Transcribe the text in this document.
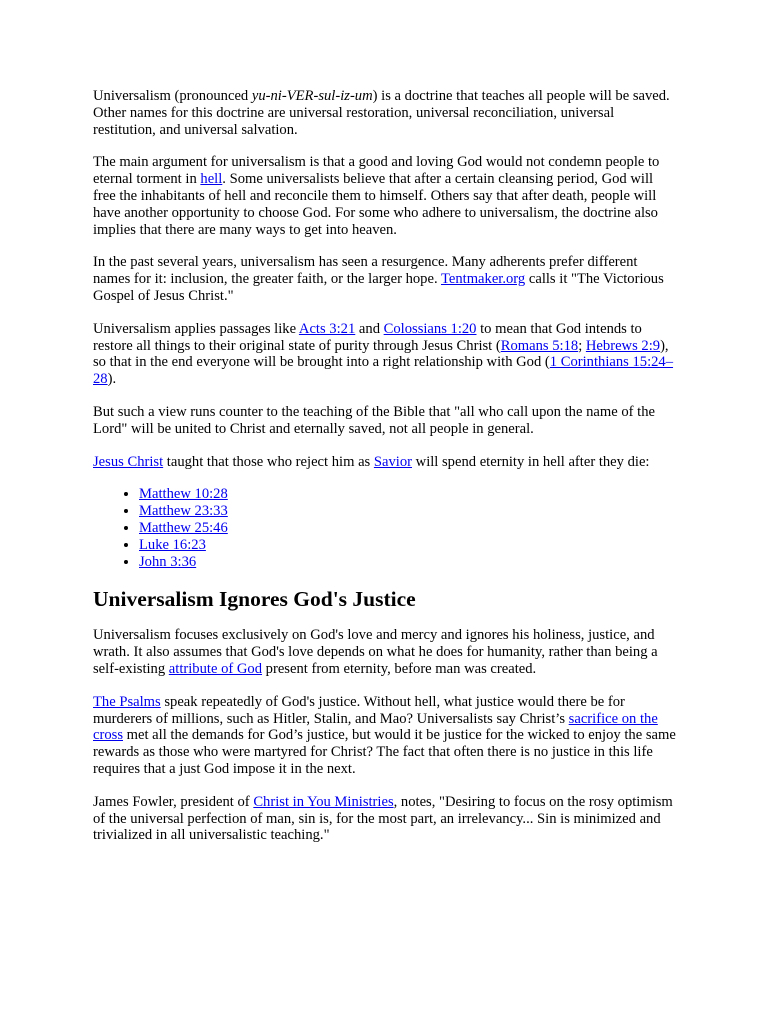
Universalism (pronounced yu-ni-VER-sul-iz-um) is a doctrine that teaches all people will be saved. Other names for this doctrine are universal restoration, universal reconciliation, universal restitution, and universal salvation.

The main argument for universalism is that a good and loving God would not condemn people to eternal torment in hell. Some universalists believe that after a certain cleansing period, God will free the inhabitants of hell and reconcile them to himself. Others say that after death, people will have another opportunity to choose God. For some who adhere to universalism, the doctrine also implies that there are many ways to get into heaven.

In the past several years, universalism has seen a resurgence. Many adherents prefer different names for it: inclusion, the greater faith, or the larger hope. Tentmaker.org calls it "The Victorious Gospel of Jesus Christ."

Universalism applies passages like Acts 3:21 and Colossians 1:20 to mean that God intends to restore all things to their original state of purity through Jesus Christ (Romans 5:18; Hebrews 2:9), so that in the end everyone will be brought into a right relationship with God (1 Corinthians 15:24–28).

But such a view runs counter to the teaching of the Bible that "all who call upon the name of the Lord" will be united to Christ and eternally saved, not all people in general.

Jesus Christ taught that those who reject him as Savior will spend eternity in hell after they die:

• Matthew 10:28
• Matthew 23:33
• Matthew 25:46
• Luke 16:23
• John 3:36
Universalism Ignores God's Justice

Universalism focuses exclusively on God's love and mercy and ignores his holiness, justice, and wrath. It also assumes that God's love depends on what he does for humanity, rather than being a self-existing attribute of God present from eternity, before man was created.

The Psalms speak repeatedly of God's justice. Without hell, what justice would there be for murderers of millions, such as Hitler, Stalin, and Mao? Universalists say Christ’s sacrifice on the cross met all the demands for God’s justice, but would it be justice for the wicked to enjoy the same rewards as those who were martyred for Christ? The fact that often there is no justice in this life requires that a just God impose it in the next.

James Fowler, president of Christ in You Ministries, notes, "Desiring to focus on the rosy optimism of the universal perfection of man, sin is, for the most part, an irrelevancy... Sin is minimized and trivialized in all universalistic teaching."
